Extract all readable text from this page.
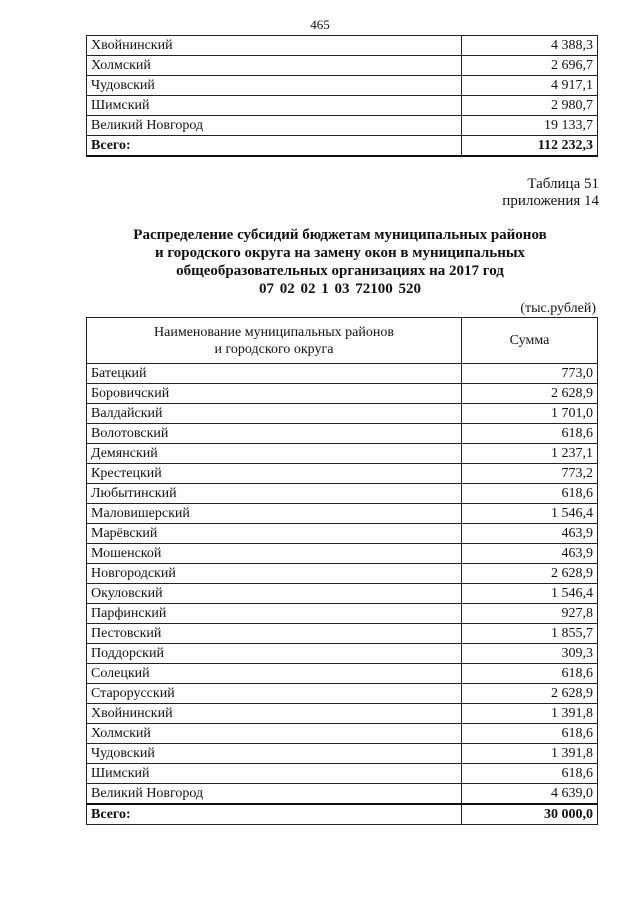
465
Хвойнинский	4 388,3
Холмский	2 696,7
Чудовский	4 917,1
Шимский	2 980,7
Великий Новгород	19 133,7
Всего:	112 232,3
Таблица 51
приложения 14
Распределение субсидий бюджетам муниципальных районов
и городского округа на замену окон в муниципальных
общеобразовательных организациях на 2017 год
07 02 02 1 03 72100 520
(тыс.рублей)
Наименование муниципальных районов
и городского округа	Сумма
Батецкий	773,0
Боровичский	2 628,9
Валдайский	1 701,0
Волотовский	618,6
Демянский	1 237,1
Крестецкий	773,2
Любытинский	618,6
Маловишерский	1 546,4
Марёвский	463,9
Мошенской	463,9
Новгородский	2 628,9
Окуловский	1 546,4
Парфинский	927,8
Пестовский	1 855,7
Поддорский	309,3
Солецкий	618,6
Старорусский	2 628,9
Хвойнинский	1 391,8
Холмский	618,6
Чудовский	1 391,8
Шимский	618,6
Великий Новгород	4 639,0
Всего:	30 000,0
